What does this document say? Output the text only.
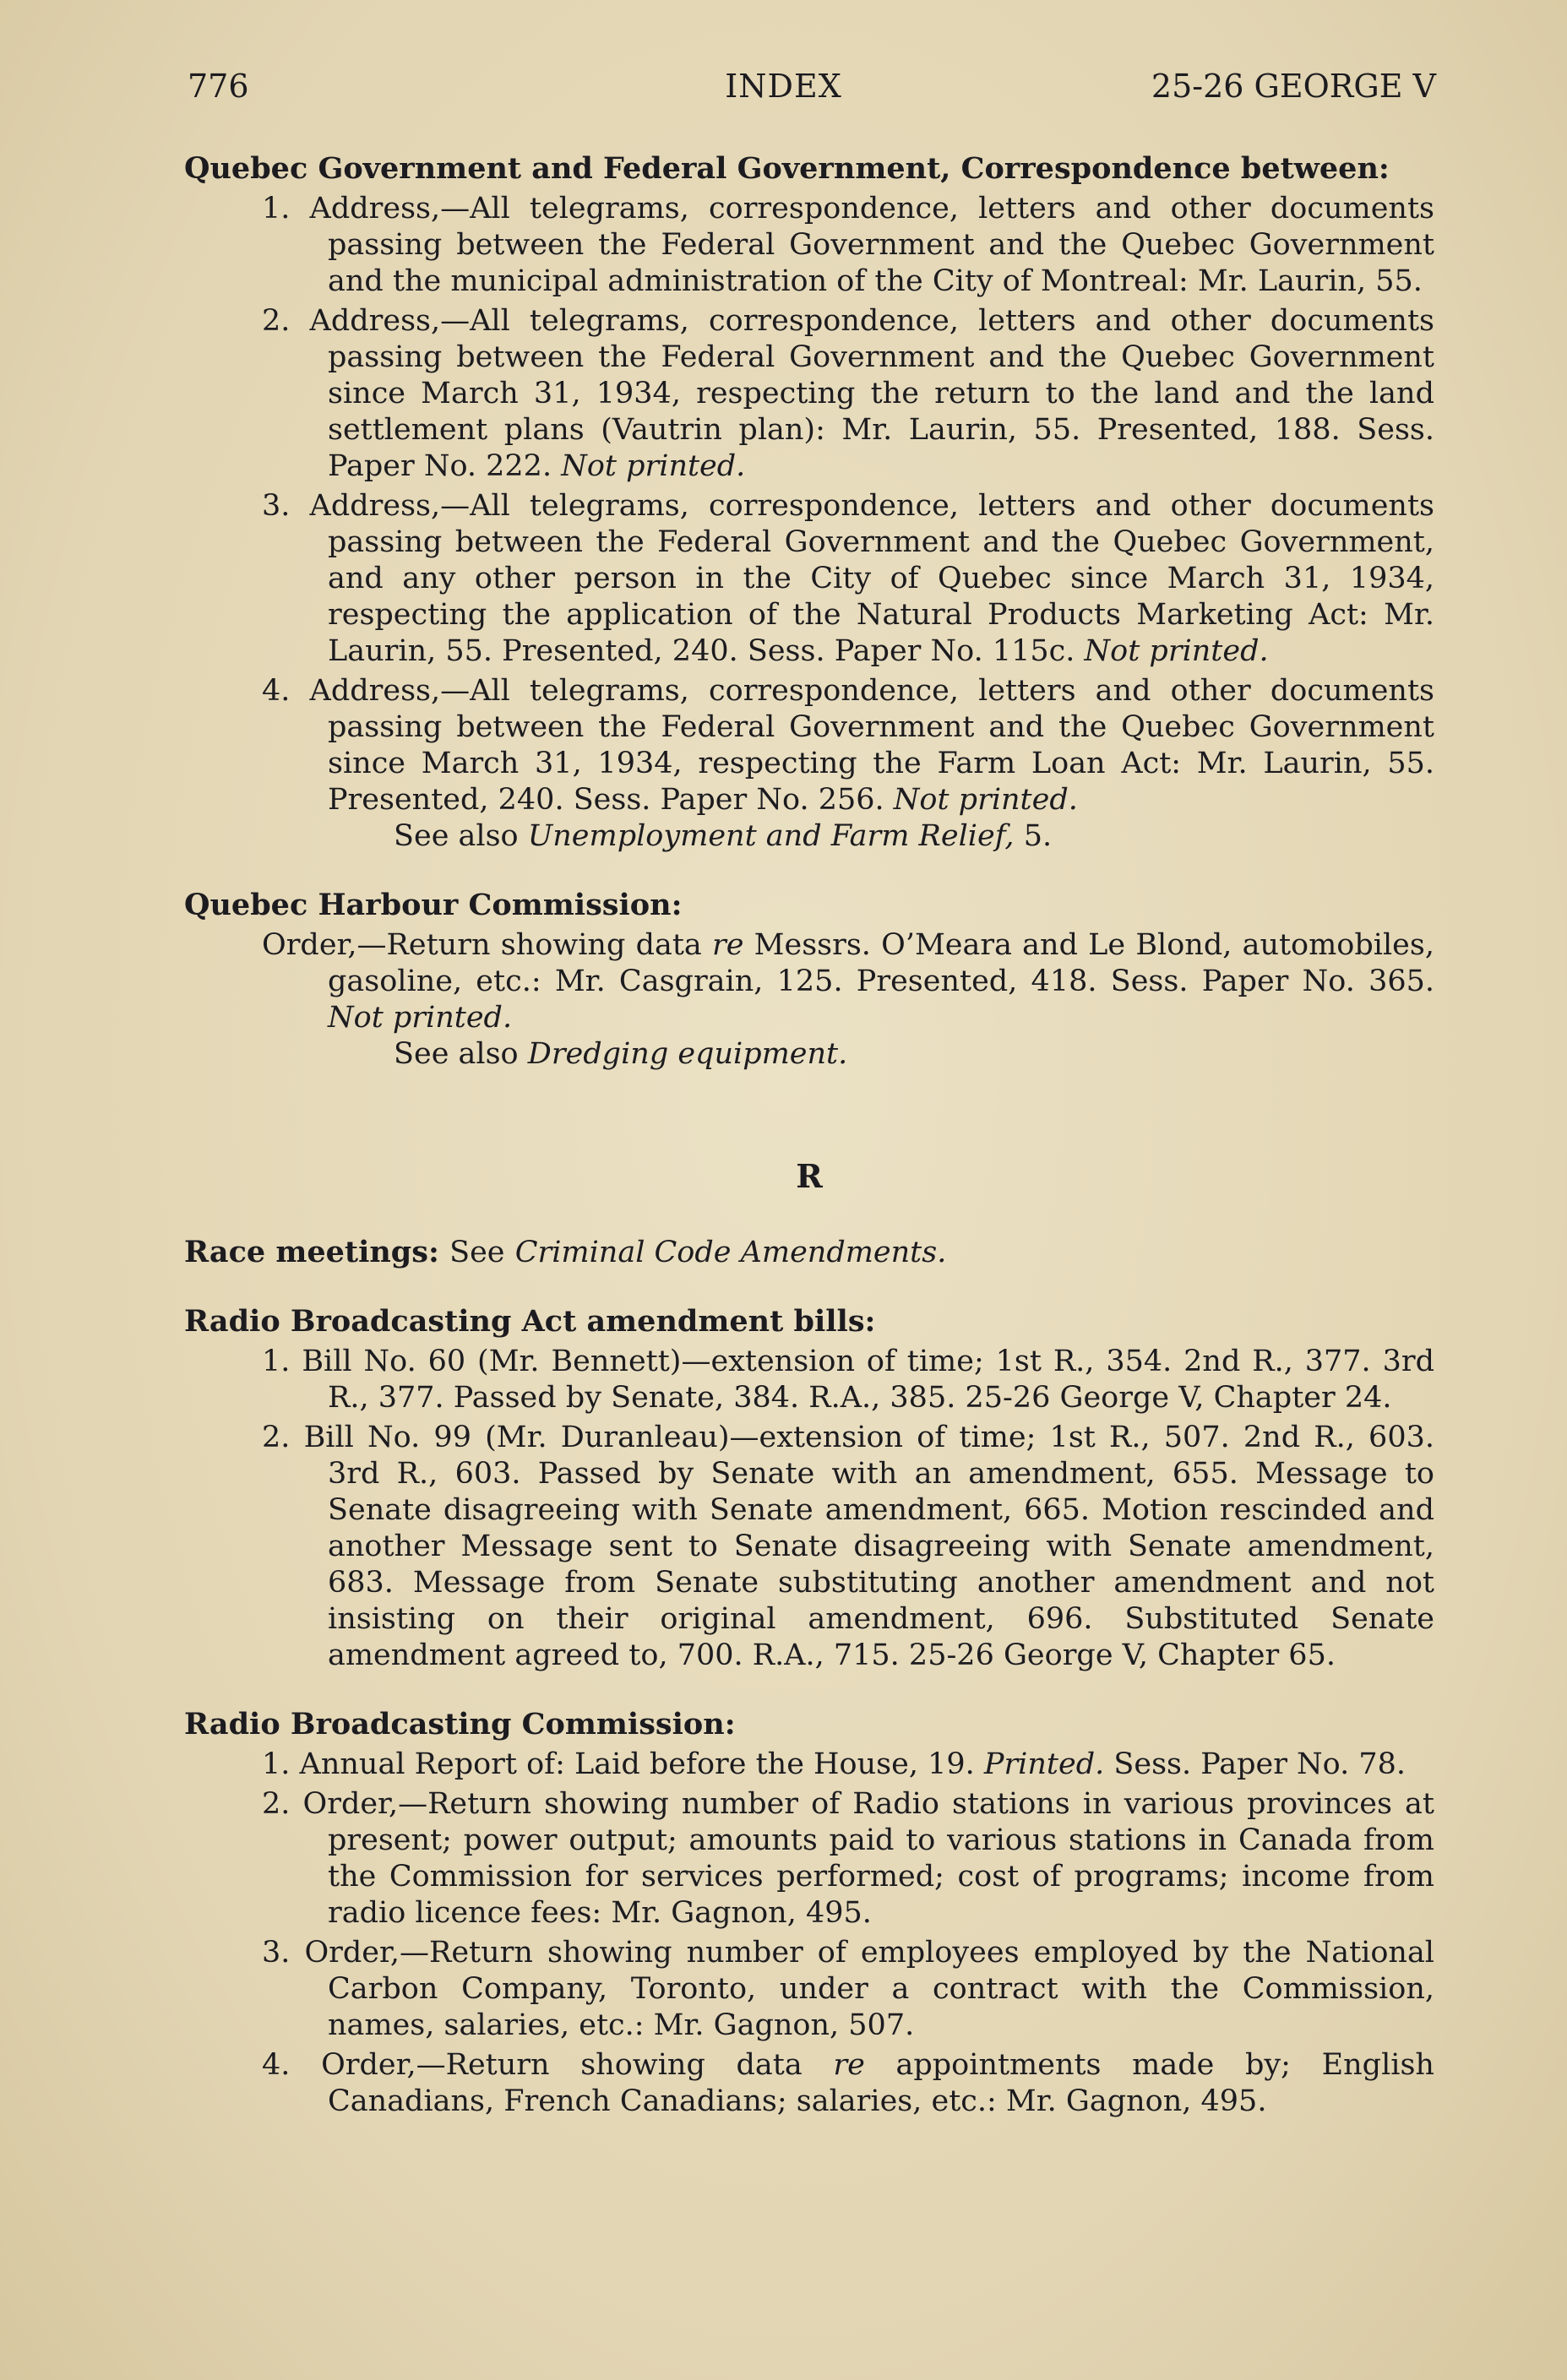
776	INDEX	25-26 GEORGE V
Quebec Government and Federal Government, Correspondence between:
1. Address,—All telegrams, correspondence, letters and other documents passing between the Federal Government and the Quebec Government and the municipal administration of the City of Montreal: Mr. Laurin, 55.
2. Address,—All telegrams, correspondence, letters and other documents passing between the Federal Government and the Quebec Government since March 31, 1934, respecting the return to the land and the land settlement plans (Vautrin plan): Mr. Laurin, 55. Presented, 188. Sess. Paper No. 222. Not printed.
3. Address,—All telegrams, correspondence, letters and other documents passing between the Federal Government and the Quebec Government, and any other person in the City of Quebec since March 31, 1934, respecting the application of the Natural Products Marketing Act: Mr. Laurin, 55. Presented, 240. Sess. Paper No. 115c. Not printed.
4. Address,—All telegrams, correspondence, letters and other documents passing between the Federal Government and the Quebec Government since March 31, 1934, respecting the Farm Loan Act: Mr. Laurin, 55. Presented, 240. Sess. Paper No. 256. Not printed.
See also Unemployment and Farm Relief, 5.
Quebec Harbour Commission:
Order,—Return showing data re Messrs. O’Meara and Le Blond, automobiles, gasoline, etc.: Mr. Casgrain, 125. Presented, 418. Sess. Paper No. 365. Not printed.
See also Dredging equipment.
R
Race meetings: See Criminal Code Amendments.
Radio Broadcasting Act amendment bills:
1. Bill No. 60 (Mr. Bennett)—extension of time; 1st R., 354. 2nd R., 377. 3rd R., 377. Passed by Senate, 384. R.A., 385. 25-26 George V, Chapter 24.
2. Bill No. 99 (Mr. Duranleau)—extension of time; 1st R., 507. 2nd R., 603. 3rd R., 603. Passed by Senate with an amendment, 655. Message to Senate disagreeing with Senate amendment, 665. Motion rescinded and another Message sent to Senate disagreeing with Senate amendment, 683. Message from Senate substituting another amendment and not insisting on their original amendment, 696. Substituted Senate amendment agreed to, 700. R.A., 715. 25-26 George V, Chapter 65.
Radio Broadcasting Commission:
1. Annual Report of: Laid before the House, 19. Printed. Sess. Paper No. 78.
2. Order,—Return showing number of Radio stations in various provinces at present; power output; amounts paid to various stations in Canada from the Commission for services performed; cost of programs; income from radio licence fees: Mr. Gagnon, 495.
3. Order,—Return showing number of employees employed by the National Carbon Company, Toronto, under a contract with the Commission, names, salaries, etc.: Mr. Gagnon, 507.
4. Order,—Return showing data re appointments made by; English Canadians, French Canadians; salaries, etc.: Mr. Gagnon, 495.
